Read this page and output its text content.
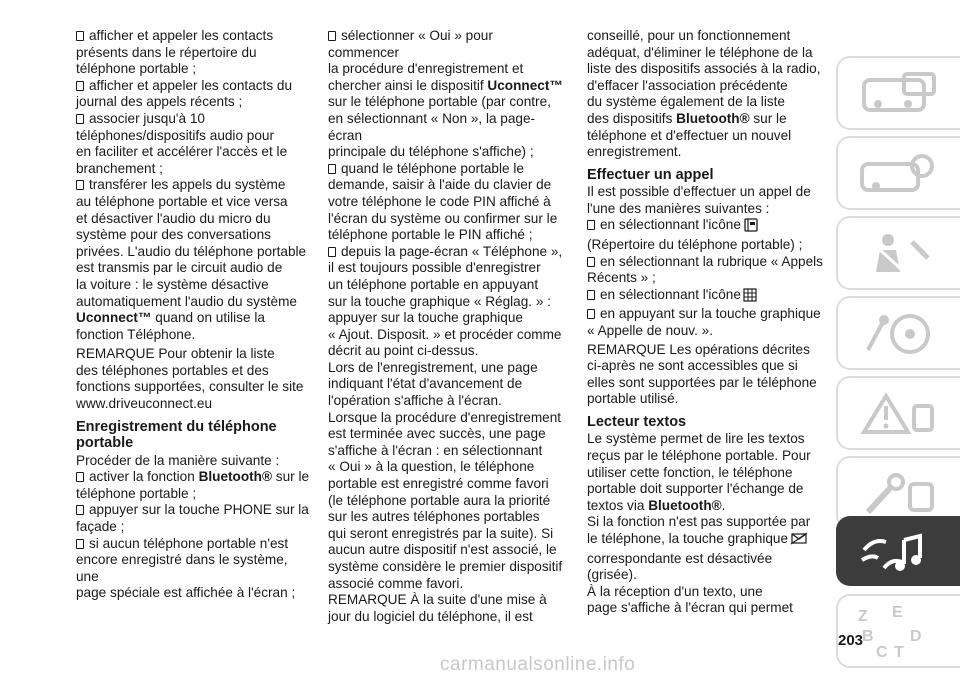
afficher et appeler les contacts
présents dans le répertoire du
téléphone portable ;
afficher et appeler les contacts du
journal des appels récents ;
associer jusqu'à 10
téléphones/dispositifs audio pour
en faciliter et accélérer l'accès et le
branchement ;
transférer les appels du système
au téléphone portable et vice versa
et désactiver l'audio du micro du
système pour des conversations
privées. L'audio du téléphone portable
est transmis par le circuit audio de
la voiture : le système désactive
automatiquement l'audio du système
Uconnect™ quand on utilise la
fonction Téléphone.
REMARQUE Pour obtenir la liste
des téléphones portables et des
fonctions supportées, consulter le site
www.driveuconnect.eu
Enregistrement du téléphone
portable
Procéder de la manière suivante :
activer la fonction Bluetooth® sur le
téléphone portable ;
appuyer sur la touche PHONE sur la
façade ;
si aucun téléphone portable n'est
encore enregistré dans le système, une
page spéciale est affichée à l'écran ;
sélectionner « Oui » pour commencer
la procédure d'enregistrement et
chercher ainsi le dispositif Uconnect™
sur le téléphone portable (par contre,
en sélectionnant « Non », la page-écran
principale du téléphone s'affiche) ;
quand le téléphone portable le
demande, saisir à l'aide du clavier de
votre téléphone le code PIN affiché à
l'écran du système ou confirmer sur le
téléphone portable le PIN affiché ;
depuis la page-écran « Téléphone »,
il est toujours possible d'enregistrer
un téléphone portable en appuyant
sur la touche graphique « Réglag. » :
appuyer sur la touche graphique
« Ajout. Disposit. » et procéder comme
décrit au point ci-dessus.
Lors de l'enregistrement, une page
indiquant l'état d'avancement de
l'opération s'affiche à l'écran.
Lorsque la procédure d'enregistrement
est terminée avec succès, une page
s'affiche à l'écran : en sélectionnant
« Oui » à la question, le téléphone
portable est enregistré comme favori
(le téléphone portable aura la priorité
sur les autres téléphones portables
qui seront enregistrés par la suite). Si
aucun autre dispositif n'est associé, le
système considère le premier dispositif
associé comme favori.
REMARQUE À la suite d'une mise à
jour du logiciel du téléphone, il est
conseillé, pour un fonctionnement
adéquat, d'éliminer le téléphone de la
liste des dispositifs associés à la radio,
d'effacer l'association précédente
du système également de la liste
des dispositifs Bluetooth® sur le
téléphone et d'effectuer un nouvel
enregistrement.
Effectuer un appel
Il est possible d'effectuer un appel de
l'une des manières suivantes :
en sélectionnant l'icône
(Répertoire du téléphone portable) ;
en sélectionnant la rubrique « Appels
Récents » ;
en sélectionnant l'icône
en appuyant sur la touche graphique
« Appelle de nouv. ».
REMARQUE Les opérations décrites
ci-après ne sont accessibles que si
elles sont supportées par le téléphone
portable utilisé.
Lecteur textos
Le système permet de lire les textos
reçus par le téléphone portable. Pour
utiliser cette fonction, le téléphone
portable doit supporter l'échange de
textos via Bluetooth®.
Si la fonction n'est pas supportée par
le téléphone, la touche graphique
correspondante est désactivée (grisée).
À la réception d'un texto, une
page s'affiche à l'écran qui permet
Z E
B
C
D
T
203
carmanualsonline.info
